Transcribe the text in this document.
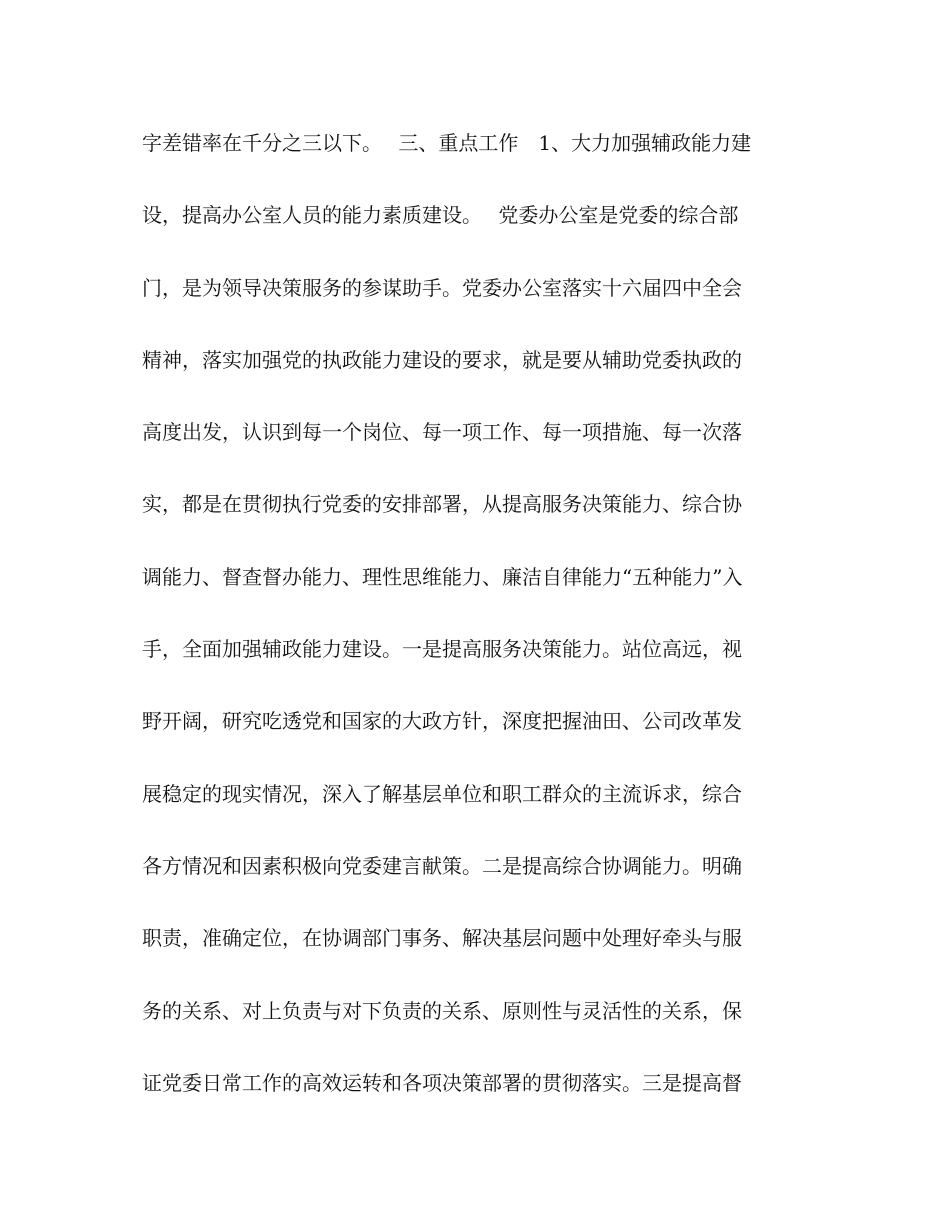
字差错率在千分之三以下。　 三、重点工作　1、大力加强辅政能力建
设，提高办公室人员的能力素质建设。　 党委办公室是党委的综合部
门，是为领导决策服务的参谋助手。党委办公室落实十六届四中全会
精神，落实加强党的执政能力建设的要求，就是要从辅助党委执政的
高度出发，认识到每一个岗位、每一项工作、每一项措施、每一次落
实，都是在贯彻执行党委的安排部署，从提高服务决策能力、综合协
调能力、督查督办能力、理性思维能力、廉洁自律能力“五种能力”入
手，全面加强辅政能力建设。一是提高服务决策能力。站位高远，视
野开阔，研究吃透党和国家的大政方针，深度把握油田、公司改革发
展稳定的现实情况，深入了解基层单位和职工群众的主流诉求，综合
各方情况和因素积极向党委建言献策。二是提高综合协调能力。明确
职责，准确定位，在协调部门事务、解决基层问题中处理好牵头与服
务的关系、对上负责与对下负责的关系、原则性与灵活性的关系，保
证党委日常工作的高效运转和各项决策部署的贯彻落实。三是提高督
